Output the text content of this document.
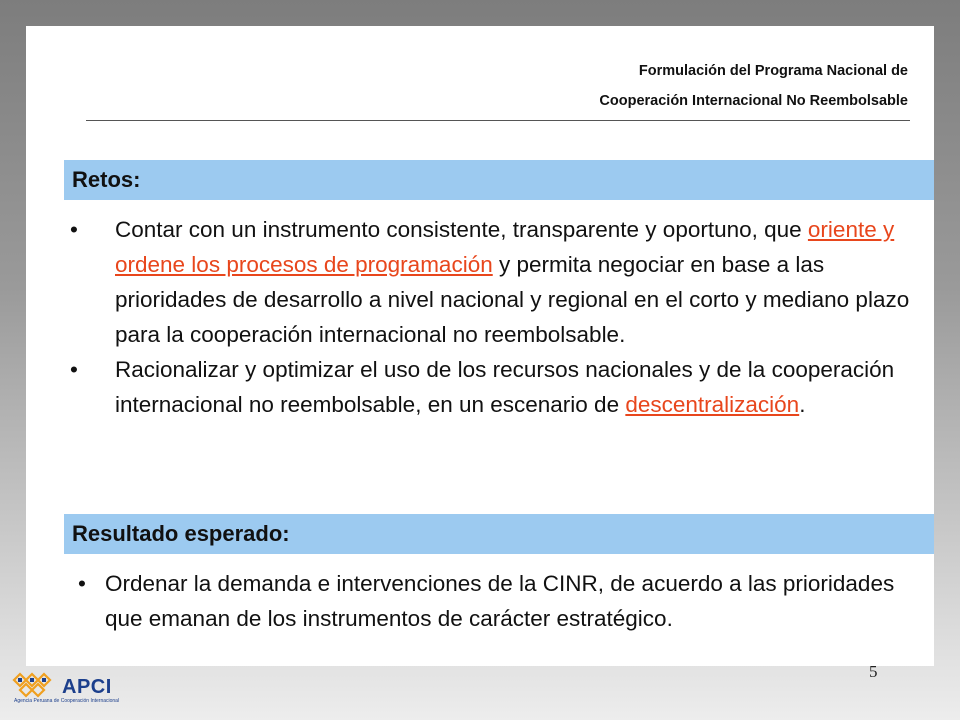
Formulación del Programa Nacional de
Cooperación Internacional No Reembolsable
Retos:
• Contar con un instrumento consistente, transparente y oportuno, que oriente y ordene los procesos de programación y permita negociar en base a las prioridades de desarrollo a nivel nacional y regional en el corto y mediano plazo para la cooperación internacional no reembolsable.
• Racionalizar y optimizar el uso de los recursos nacionales y de la cooperación internacional no reembolsable, en un escenario de descentralización.
Resultado esperado:
• Ordenar la demanda e intervenciones de la CINR, de acuerdo a las prioridades que emanan de los instrumentos de carácter estratégico.
5
APCI
Agencia Peruana de Cooperación Internacional
